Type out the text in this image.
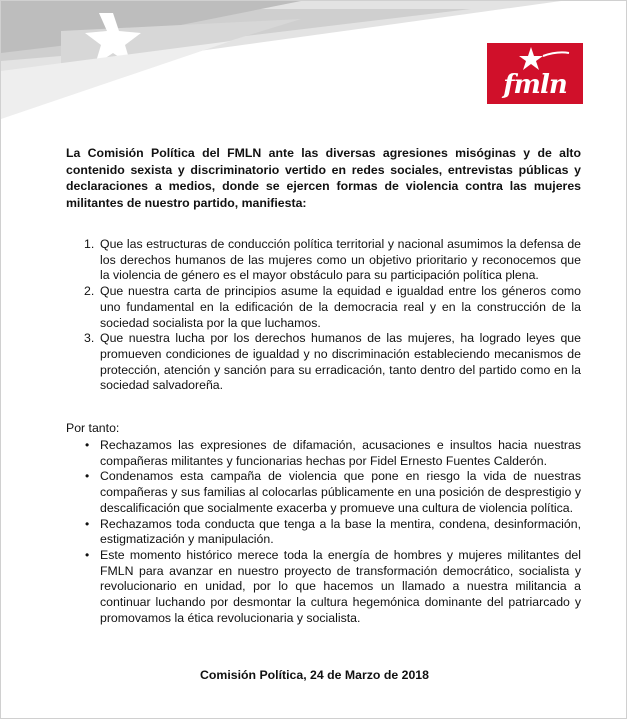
fmln

La Comisión Política del FMLN ante las diversas agresiones misóginas y de alto contenido sexista y discriminatorio vertido en redes sociales, entrevistas públicas y declaraciones a medios, donde se ejercen formas de violencia contra las mujeres militantes de nuestro partido, manifiesta:

1. Que las estructuras de conducción política territorial y nacional asumimos la defensa de los derechos humanos de las mujeres como un objetivo prioritario y reconocemos que la violencia de género es el mayor obstáculo para su participación política plena.
2. Que nuestra carta de principios asume la equidad e igualdad entre los géneros como uno fundamental en la edificación de la democracia real y en la construcción de la sociedad socialista por la que luchamos.
3. Que nuestra lucha por los derechos humanos de las mujeres, ha logrado leyes que promueven condiciones de igualdad y no discriminación estableciendo mecanismos de protección, atención y sanción para su erradicación, tanto dentro del partido como en la sociedad salvadoreña.

Por tanto:

• Rechazamos las expresiones de difamación, acusaciones e insultos hacia nuestras compañeras militantes y funcionarias hechas por Fidel Ernesto Fuentes Calderón.
• Condenamos esta campaña de violencia que pone en riesgo la vida de nuestras compañeras y sus familias al colocarlas públicamente en una posición de desprestigio y descalificación que socialmente exacerba y promueve una cultura de violencia política.
• Rechazamos toda conducta que tenga a la base la mentira, condena, desinformación, estigmatización y manipulación.
• Este momento histórico merece toda la energía de hombres y mujeres militantes del FMLN para avanzar en nuestro proyecto de transformación democrático, socialista y revolucionario en unidad, por lo que hacemos un llamado a nuestra militancia a continuar luchando por desmontar la cultura hegemónica dominante del patriarcado y promovamos la ética revolucionaria y socialista.

Comisión Política, 24 de Marzo de 2018
